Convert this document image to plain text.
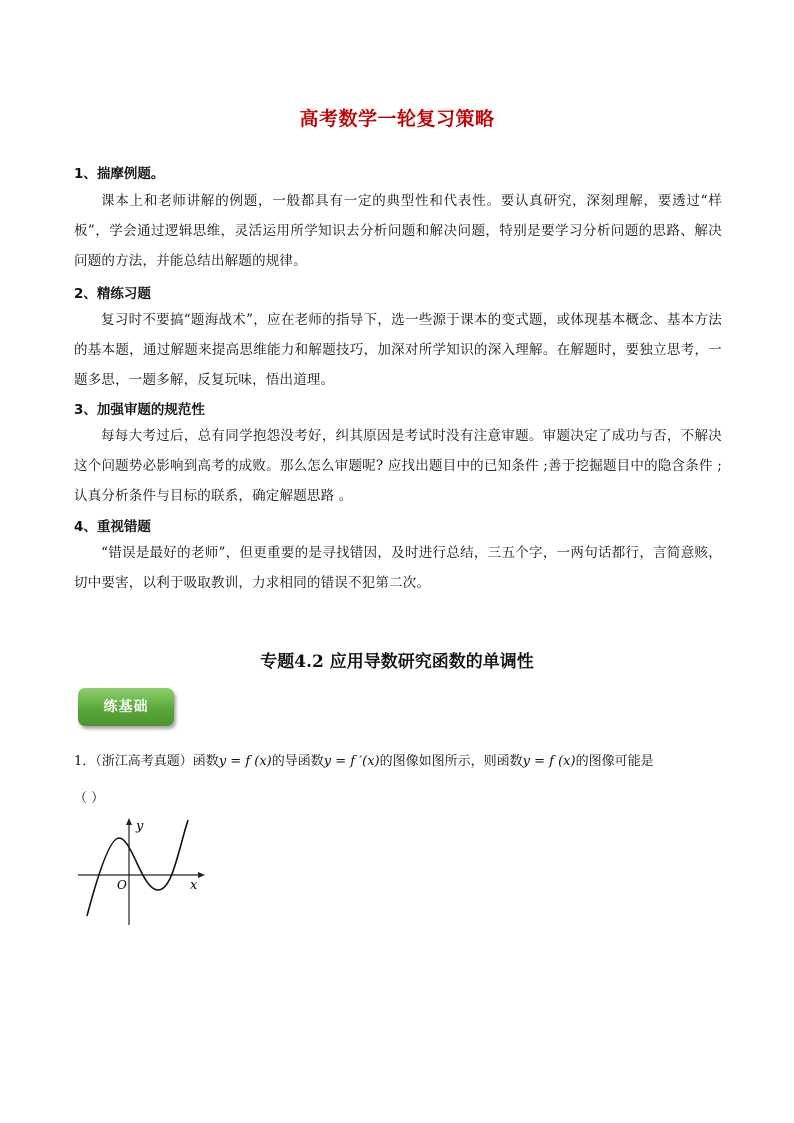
高考数学一轮复习策略
1、揣摩例题。

课本上和老师讲解的例题，一般都具有一定的典型性和代表性。要认真研究，深刻理解，要透过“样板”，学会通过逻辑思维，灵活运用所学知识去分析问题和解决问题，特别是要学习分析问题的思路、解决问题的方法，并能总结出解题的规律。

2、精练习题

复习时不要搞“题海战术”，应在老师的指导下，选一些源于课本的变式题，或体现基本概念、基本方法的基本题，通过解题来提高思维能力和解题技巧，加深对所学知识的深入理解。在解题时，要独立思考，一题多思，一题多解，反复玩味，悟出道理。

3、加强审题的规范性

每每大考过后，总有同学抱怨没考好，纠其原因是考试时没有注意审题。审题决定了成功与否，不解决这个问题势必影响到高考的成败。那么怎么审题呢? 应找出题目中的已知条件 ;善于挖掘题目中的隐含条件 ;认真分析条件与目标的联系，确定解题思路 。

4、重视错题

“错误是最好的老师”，但更重要的是寻找错因，及时进行总结，三五个字，一两句话都行，言简意赅，切中要害，以利于吸取教训，力求相同的错误不犯第二次。

专题4.2 应用导数研究函数的单调性
练基础
1．（浙江高考真题）函数y = f (x)的导函数y = f ′(x)的图像如图所示，则函数y = f (x)的图像可能是
（ ）
y
x
O
